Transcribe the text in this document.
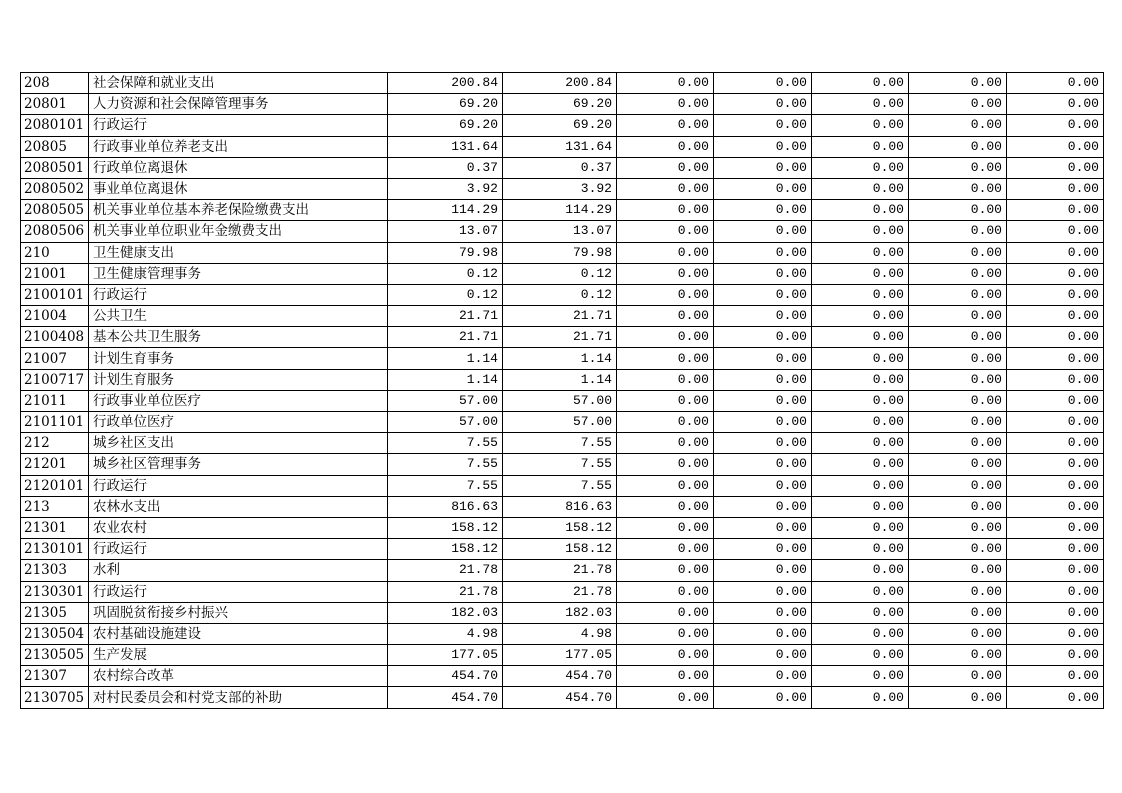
208	社会保障和就业支出	200.84	200.84	0.00	0.00	0.00	0.00	0.00
20801	人力资源和社会保障管理事务	69.20	69.20	0.00	0.00	0.00	0.00	0.00
2080101	行政运行	69.20	69.20	0.00	0.00	0.00	0.00	0.00
20805	行政事业单位养老支出	131.64	131.64	0.00	0.00	0.00	0.00	0.00
2080501	行政单位离退休	0.37	0.37	0.00	0.00	0.00	0.00	0.00
2080502	事业单位离退休	3.92	3.92	0.00	0.00	0.00	0.00	0.00
2080505	机关事业单位基本养老保险缴费支出	114.29	114.29	0.00	0.00	0.00	0.00	0.00
2080506	机关事业单位职业年金缴费支出	13.07	13.07	0.00	0.00	0.00	0.00	0.00
210	卫生健康支出	79.98	79.98	0.00	0.00	0.00	0.00	0.00
21001	卫生健康管理事务	0.12	0.12	0.00	0.00	0.00	0.00	0.00
2100101	行政运行	0.12	0.12	0.00	0.00	0.00	0.00	0.00
21004	公共卫生	21.71	21.71	0.00	0.00	0.00	0.00	0.00
2100408	基本公共卫生服务	21.71	21.71	0.00	0.00	0.00	0.00	0.00
21007	计划生育事务	1.14	1.14	0.00	0.00	0.00	0.00	0.00
2100717	计划生育服务	1.14	1.14	0.00	0.00	0.00	0.00	0.00
21011	行政事业单位医疗	57.00	57.00	0.00	0.00	0.00	0.00	0.00
2101101	行政单位医疗	57.00	57.00	0.00	0.00	0.00	0.00	0.00
212	城乡社区支出	7.55	7.55	0.00	0.00	0.00	0.00	0.00
21201	城乡社区管理事务	7.55	7.55	0.00	0.00	0.00	0.00	0.00
2120101	行政运行	7.55	7.55	0.00	0.00	0.00	0.00	0.00
213	农林水支出	816.63	816.63	0.00	0.00	0.00	0.00	0.00
21301	农业农村	158.12	158.12	0.00	0.00	0.00	0.00	0.00
2130101	行政运行	158.12	158.12	0.00	0.00	0.00	0.00	0.00
21303	水利	21.78	21.78	0.00	0.00	0.00	0.00	0.00
2130301	行政运行	21.78	21.78	0.00	0.00	0.00	0.00	0.00
21305	巩固脱贫衔接乡村振兴	182.03	182.03	0.00	0.00	0.00	0.00	0.00
2130504	农村基础设施建设	4.98	4.98	0.00	0.00	0.00	0.00	0.00
2130505	生产发展	177.05	177.05	0.00	0.00	0.00	0.00	0.00
21307	农村综合改革	454.70	454.70	0.00	0.00	0.00	0.00	0.00
2130705	对村民委员会和村党支部的补助	454.70	454.70	0.00	0.00	0.00	0.00	0.00
